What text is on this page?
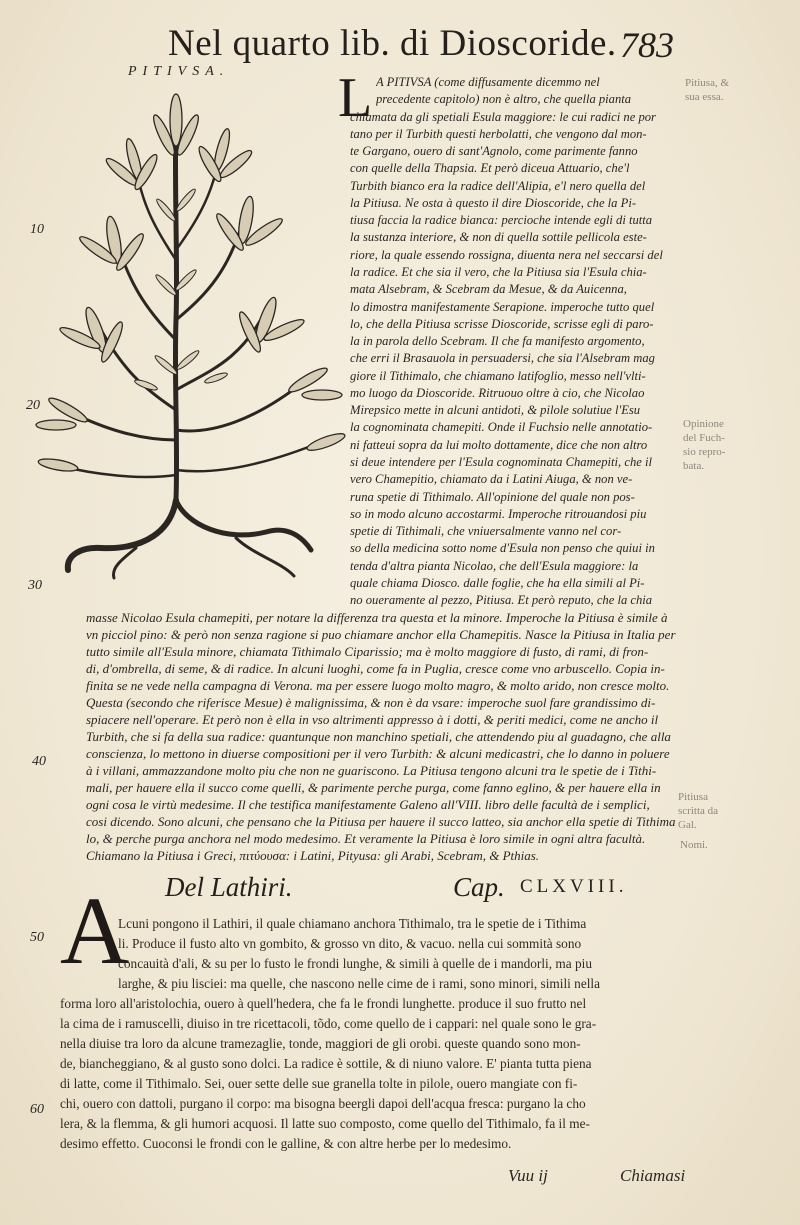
Nel quarto lib. di Dioscoride. 783
PITIVSA.
10
20
30
40
50
60
Pitiusa, &
sua essa.
Opinione
del Fuch-
sio repro-
bata.
Pitiusa
scritta da
Gal.
Nomi.
L A PITIVSA (come diffusamente dicemmo nel
precedente capitolo) non è altro, che quella pianta
chiamata da gli spetiali Esula maggiore: le cui radici ne por
tano per il Turbith questi herbolatti, che vengono dal mon-
te Gargano, ouero di sant'Agnolo, come parimente fanno
con quelle della Thapsia. Et però diceua Attuario, che'l
Turbith bianco era la radice dell'Alipia, e'l nero quella del
la Pitiusa. Ne osta à questo il dire Dioscoride, che la Pi-
tiusa faccia la radice bianca: percioche intende egli di tutta
la sustanza interiore, & non di quella sottile pellicola este-
riore, la quale essendo rossigna, diuenta nera nel seccarsi del
la radice. Et che sia il vero, che la Pitiusa sia l'Esula chia-
mata Alsebram, & Scebram da Mesue, & da Auicenna,
lo dimostra manifestamente Serapione. imperoche tutto quel
lo, che della Pitiusa scrisse Dioscoride, scrisse egli di paro-
la in parola dello Scebram. Il che fa manifesto argomento,
che erri il Brasauola in persuadersi, che sia l'Alsebram mag
giore il Tithimalo, che chiamano latifoglio, messo nell'vlti-
mo luogo da Dioscoride. Ritruouo oltre à cio, che Nicolao
Mirepsico mette in alcuni antidoti, & pilole solutiue l'Esu
la cognominata chamepiti. Onde il Fuchsio nelle annotatio-
ni fatteui sopra da lui molto dottamente, dice che non altro
si deue intendere per l'Esula cognominata Chamepiti, che il
vero Chamepitio, chiamato da i Latini Aiuga, & non ve-
runa spetie di Tithimalo. All'opinione del quale non pos-
so in modo alcuno accostarmi. Imperoche ritrouandosi piu
spetie di Tithimali, che vniuersalmente vanno nel cor-
so della medicina sotto nome d'Esula non penso che quiui in
tenda d'altra pianta Nicolao, che dell'Esula maggiore: la
quale chiama Diosco. dalle foglie, che ha ella simili al Pi-
no oueramente al pezzo, Pitiusa. Et però reputo, che la chia
masse Nicolao Esula chamepiti, per notare la differenza tra questa et la minore. Imperoche la Pitiusa è simile à
vn picciol pino: & però non senza ragione si puo chiamare anchor ella Chamepitis. Nasce la Pitiusa in Italia per
tutto simile all'Esula minore, chiamata Tithimalo Ciparissio; ma è molto maggiore di fusto, di rami, di fron-
di, d'ombrella, di seme, & di radice. In alcuni luoghi, come fa in Puglia, cresce come vno arbuscello. Copia in-
finita se ne vede nella campagna di Verona. ma per essere luogo molto magro, & molto arido, non cresce molto.
Questa (secondo che riferisce Mesue) è malignissima, & non è da vsare: imperoche suol fare grandissimo di-
spiacere nell'operare. Et però non è ella in vso altrimenti appresso à i dotti, & periti medici, come ne ancho il
Turbith, che si fa della sua radice: quantunque non manchino spetiali, che attendendo piu al guadagno, che alla
conscienza, lo mettono in diuerse compositioni per il vero Turbith: & alcuni medicastri, che lo danno in poluere
à i villani, ammazzandone molto piu che non ne guariscono. La Pitiusa tengono alcuni tra le spetie de i Tithi-
mali, per hauere ella il succo come quelli, & parimente perche purga, come fanno eglino, & per hauere ella in
ogni cosa le virtù medesime. Il che testifica manifestamente Galeno all'VIII. libro delle facultà de i semplici,
cosi dicendo. Sono alcuni, che pensano che la Pitiusa per hauere il succo latteo, sia anchor ella spetie di Tithima
lo, & perche purga anchora nel modo medesimo. Et veramente la Pitiusa è loro simile in ogni altra facultà.
Chiamano la Pitiusa i Greci, πιτύουσα: i Latini, Pityusa: gli Arabi, Scebram, & Pthias.
Del Lathiri.	Cap. CLXVIII.
A
Lcuni pongono il Lathiri, il quale chiamano anchora Tithimalo, tra le spetie de i Tithima
li. Produce il fusto alto vn gombito, & grosso vn dito, & vacuo. nella cui sommità sono
concauità d'ali, & su per lo fusto le frondi lunghe, & simili à quelle de i mandorli, ma piu
larghe, & piu lisciei: ma quelle, che nascono nelle cime de i rami, sono minori, simili nella
forma loro all'aristolochia, ouero à quell'hedera, che fa le frondi lunghette. produce il suo frutto nel
la cima de i ramuscelli, diuiso in tre ricettacoli, tõdo, come quello de i cappari: nel quale sono le gra-
nella diuise tra loro da alcune tramezaglie, tonde, maggiori de gli orobi. queste quando sono mon-
de, biancheggiano, & al gusto sono dolci. La radice è sottile, & di niuno valore. E' pianta tutta piena
di latte, come il Tithimalo. Sei, ouer sette delle sue granella tolte in pilole, ouero mangiate con fi-
chi, ouero con dattoli, purgano il corpo: ma bisogna beergli dapoi dell'acqua fresca: purgano la cho
lera, & la flemma, & gli humori acquosi. Il latte suo composto, come quello del Tithimalo, fa il me-
desimo effetto. Cuoconsi le frondi con le galline, & con altre herbe per lo medesimo.
Vuu ij	Chiamasi
